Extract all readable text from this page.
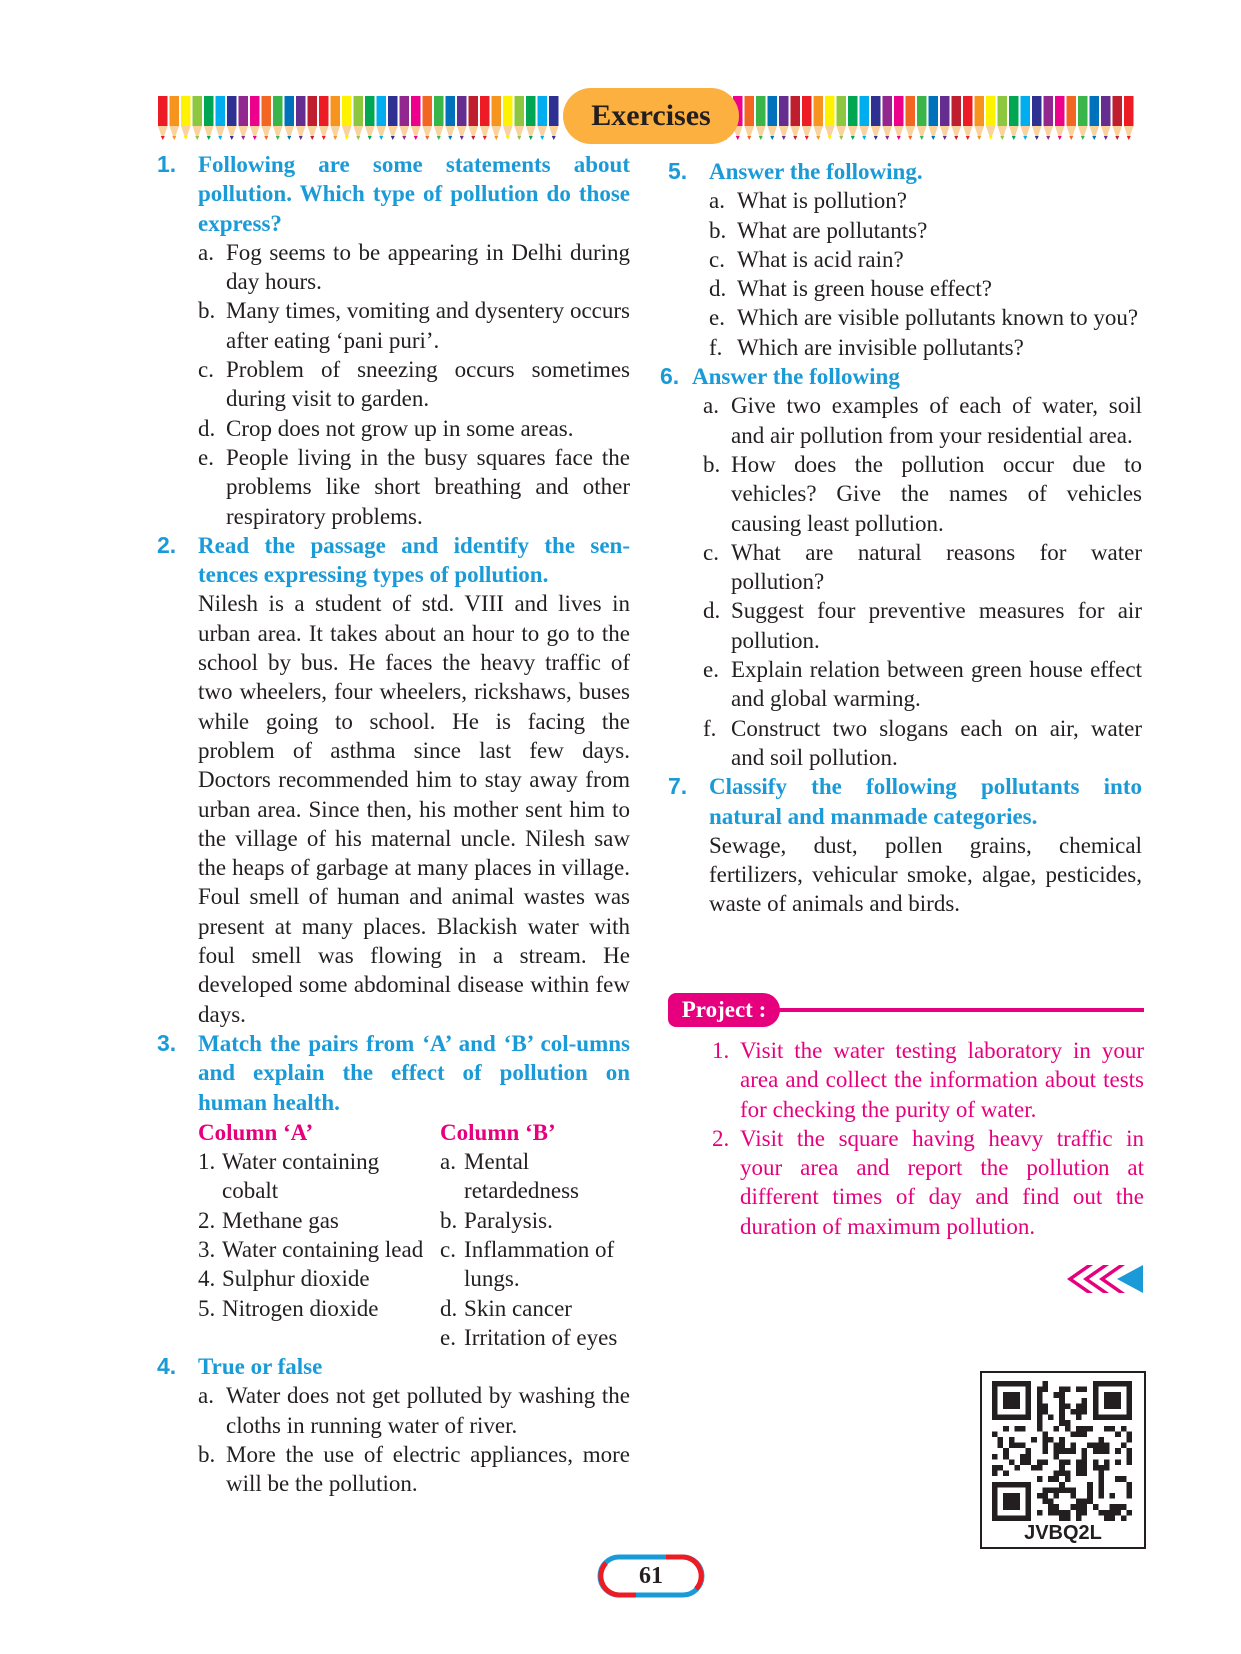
Exercises
1. Following are some statements about pollution. Which type of pollution do those express?
a. Fog seems to be appearing in Delhi during day hours.
b. Many times, vomiting and dysentery occurs after eating ‘pani puri’.
c. Problem of sneezing occurs sometimes during visit to garden.
d. Crop does not grow up in some areas.
e. People living in the busy squares face the problems like short breathing and other respiratory problems.
2. Read the passage and identify the sen-tences expressing types of pollution.
Nilesh is a student of std. VIII and lives in urban area. It takes about an hour to go to the school by bus. He faces the heavy traffic of two wheelers, four wheelers, rickshaws, buses while going to school. He is facing the problem of asthma since last few days. Doctors recommended him to stay away from urban area. Since then, his mother sent him to the village of his maternal uncle. Nilesh saw the heaps of garbage at many places in village. Foul smell of human and animal wastes was present at many places. Blackish water with foul smell was flowing in a stream. He developed some abdominal disease within few days.
3. Match the pairs from ‘A’ and ‘B’ col-umns and explain the effect of pollution on human health.
Column ‘A’
1. Water containing cobalt
2. Methane gas
3. Water containing lead
4. Sulphur dioxide
5. Nitrogen dioxide
Column ‘B’
a. Mental retardedness
b. Paralysis.
c. Inflammation of lungs.
d. Skin cancer
e. Irritation of eyes
4. True or false
a. Water does not get polluted by washing the cloths in running water of river.
b. More the use of electric appliances, more will be the pollution.
5. Answer the following.
a. What is pollution?
b. What are pollutants?
c. What is acid rain?
d. What is green house effect?
e. Which are visible pollutants known to you?
f. Which are invisible pollutants?
6. Answer the following
a. Give two examples of each of water, soil and air pollution from your residential area.
b. How does the pollution occur due to vehicles? Give the names of vehicles causing least pollution.
c. What are natural reasons for water pollution?
d. Suggest four preventive measures for air pollution.
e. Explain relation between green house effect and global warming.
f. Construct two slogans each on air, water and soil pollution.
7. Classify the following pollutants into natural and manmade categories.
Sewage, dust, pollen grains, chemical fertilizers, vehicular smoke, algae, pesticides, waste of animals and birds.
Project :
1. Visit the water testing laboratory in your area and collect the information about tests for checking the purity of water.
2. Visit the square having heavy traffic in your area and report the pollution at different times of day and find out the duration of maximum pollution.
JVBQ2L
61
